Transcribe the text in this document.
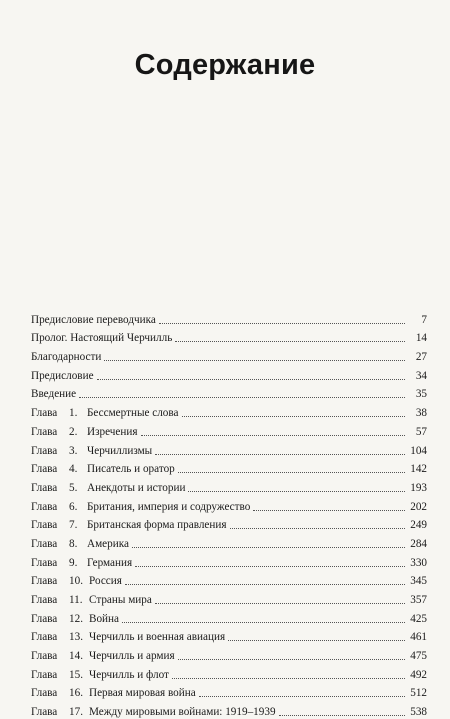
Содержание
Предисловие переводчика	7
Пролог. Настоящий Черчилль	14
Благодарности	27
Предисловие	34
Введение	35
Глава	1. Бессмертные слова	38
Глава	2. Изречения	57
Глава	3. Черчиллизмы	104
Глава	4. Писатель и оратор	142
Глава	5. Анекдоты и истории	193
Глава	6. Британия, империя и содружество	202
Глава	7. Британская форма правления	249
Глава	8. Америка	284
Глава	9. Германия	330
Глава	10. Россия	345
Глава	11. Страны мира	357
Глава	12. Война	425
Глава	13. Черчилль и военная авиация	461
Глава	14. Черчилль и армия	475
Глава	15. Черчилль и флот	492
Глава	16. Первая мировая война	512
Глава	17. Между мировыми войнами: 1919–1939	538
